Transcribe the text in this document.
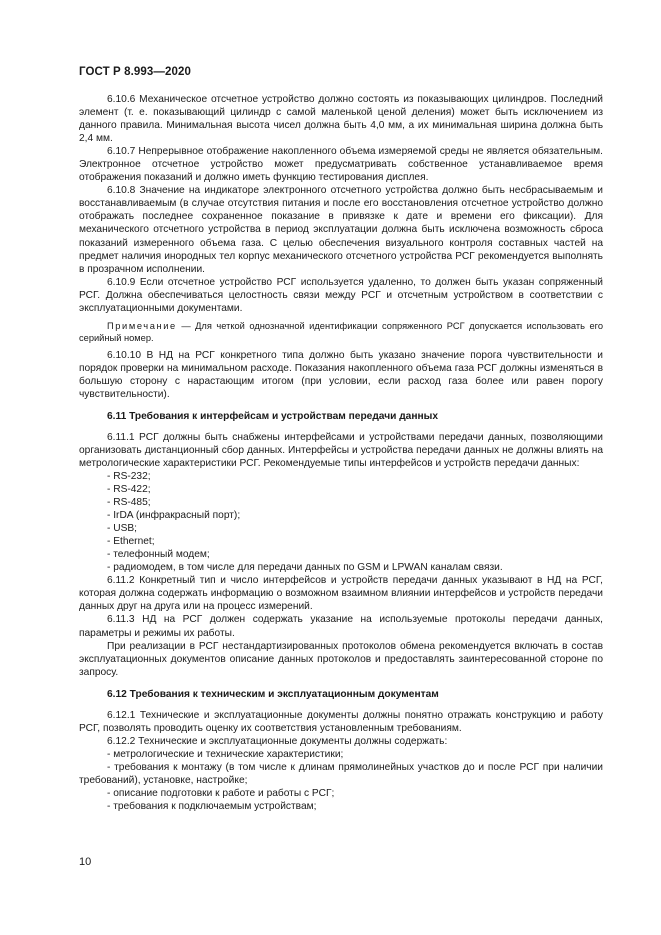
ГОСТ Р 8.993—2020

6.10.6 Механическое отсчетное устройство должно состоять из показывающих цилиндров. Последний элемент (т. е. показывающий цилиндр с самой маленькой ценой деления) может быть исключением из данного правила. Минимальная высота чисел должна быть 4,0 мм, а их минимальная ширина должна быть 2,4 мм.

6.10.7 Непрерывное отображение накопленного объема измеряемой среды не является обязательным. Электронное отсчетное устройство может предусматривать собственное устанавливаемое время отображения показаний и должно иметь функцию тестирования дисплея.

6.10.8 Значение на индикаторе электронного отсчетного устройства должно быть несбрасываемым и восстанавливаемым (в случае отсутствия питания и после его восстановления отсчетное устройство должно отображать последнее сохраненное показание в привязке к дате и времени его фиксации). Для механического отсчетного устройства в период эксплуатации должна быть исключена возможность сброса показаний измеренного объема газа. С целью обеспечения визуального контроля составных частей на предмет наличия инородных тел корпус механического отсчетного устройства РСГ рекомендуется выполнять в прозрачном исполнении.

6.10.9 Если отсчетное устройство РСГ используется удаленно, то должен быть указан сопряженный РСГ. Должна обеспечиваться целостность связи между РСГ и отсчетным устройством в соответствии с эксплуатационными документами.

Примечание — Для четкой однозначной идентификации сопряженного РСГ допускается использовать его серийный номер.

6.10.10 В НД на РСГ конкретного типа должно быть указано значение порога чувствительности и порядок проверки на минимальном расходе. Показания накопленного объема газа РСГ должны изменяться в большую сторону с нарастающим итогом (при условии, если расход газа более или равен порогу чувствительности).

6.11 Требования к интерфейсам и устройствам передачи данных

6.11.1 РСГ должны быть снабжены интерфейсами и устройствами передачи данных, позволяющими организовать дистанционный сбор данных. Интерфейсы и устройства передачи данных не должны влиять на метрологические характеристики РСГ. Рекомендуемые типы интерфейсов и устройств передачи данных:

- RS-232;

- RS-422;

- RS-485;

- IrDA (инфракрасный порт);

- USB;

- Ethernet;

- телефонный модем;

- радиомодем, в том числе для передачи данных по GSM и LPWAN каналам связи.

6.11.2 Конкретный тип и число интерфейсов и устройств передачи данных указывают в НД на РСГ, которая должна содержать информацию о возможном взаимном влиянии интерфейсов и устройств передачи данных друг на друга или на процесс измерений.

6.11.3 НД на РСГ должен содержать указание на используемые протоколы передачи данных, параметры и режимы их работы.

При реализации в РСГ нестандартизированных протоколов обмена рекомендуется включать в состав эксплуатационных документов описание данных протоколов и предоставлять заинтересованной стороне по запросу.

6.12 Требования к техническим и эксплуатационным документам

6.12.1 Технические и эксплуатационные документы должны понятно отражать конструкцию и работу РСГ, позволять проводить оценку их соответствия установленным требованиям.

6.12.2 Технические и эксплуатационные документы должны содержать:

- метрологические и технические характеристики;

- требования к монтажу (в том числе к длинам прямолинейных участков до и после РСГ при наличии требований), установке, настройке;

- описание подготовки к работе и работы с РСГ;

- требования к подключаемым устройствам;

10
